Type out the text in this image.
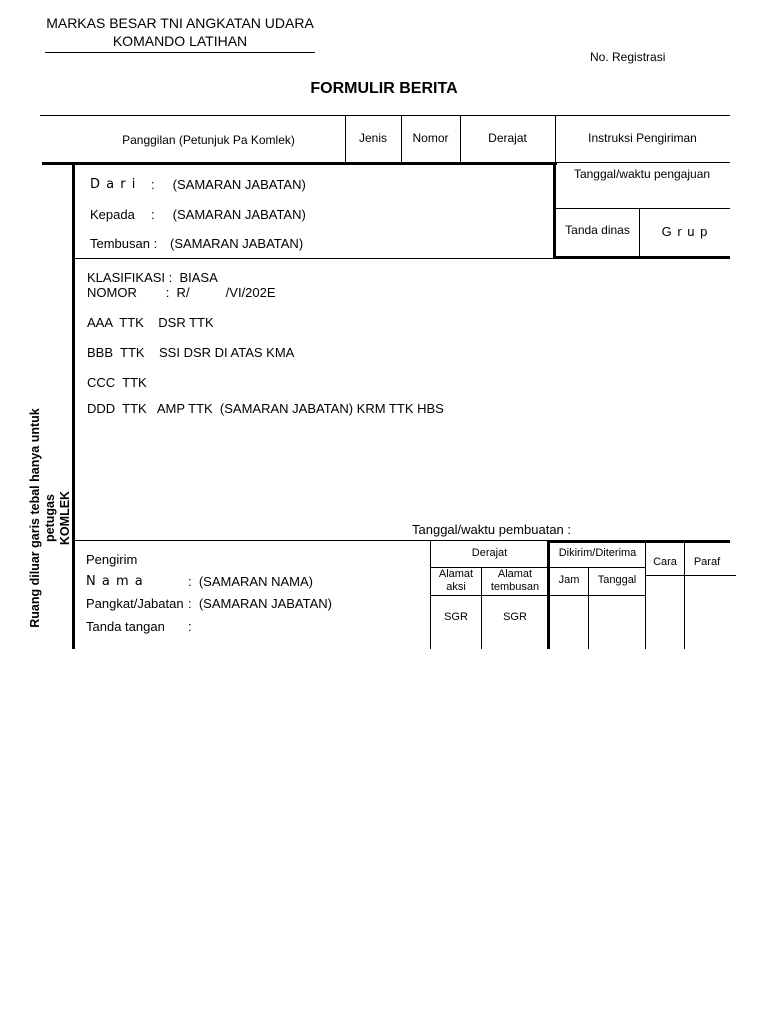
MARKAS BESAR TNI ANGKATAN UDARA
KOMANDO LATIHAN
No. Registrasi
FORMULIR BERITA
Panggilan (Petunjuk Pa Komlek)	Jenis	Nomor	Derajat	Instruksi Pengiriman
Ruang diluar garis tebal hanya untuk petugas KOMLEK
D a r i :     (SAMARAN JABATAN)
Kepada :     (SAMARAN JABATAN)
Tembusan : (SAMARAN JABATAN)
Tanggal/waktu pengajuan
Tanda dinas	G r u p
KLASIFIKASI :  BIASA
NOMOR        :  R/          /VI/202E
AAA  TTK    DSR TTK
BBB  TTK    SSI DSR DI ATAS KMA
CCC  TTK
DDD  TTK   AMP TTK  (SAMARAN JABATAN) KRM TTK HBS
Tanggal/waktu pembuatan :
Pengirim
N a m a	:  (SAMARAN NAMA)
Pangkat/Jabatan :  (SAMARAN JABATAN)
Tanda tangan :
Derajat
Alamat
aksi
Alamat
tembusan
SGR	SGR
Dikirim/Diterima
Jam	Tanggal
Cara	Paraf
